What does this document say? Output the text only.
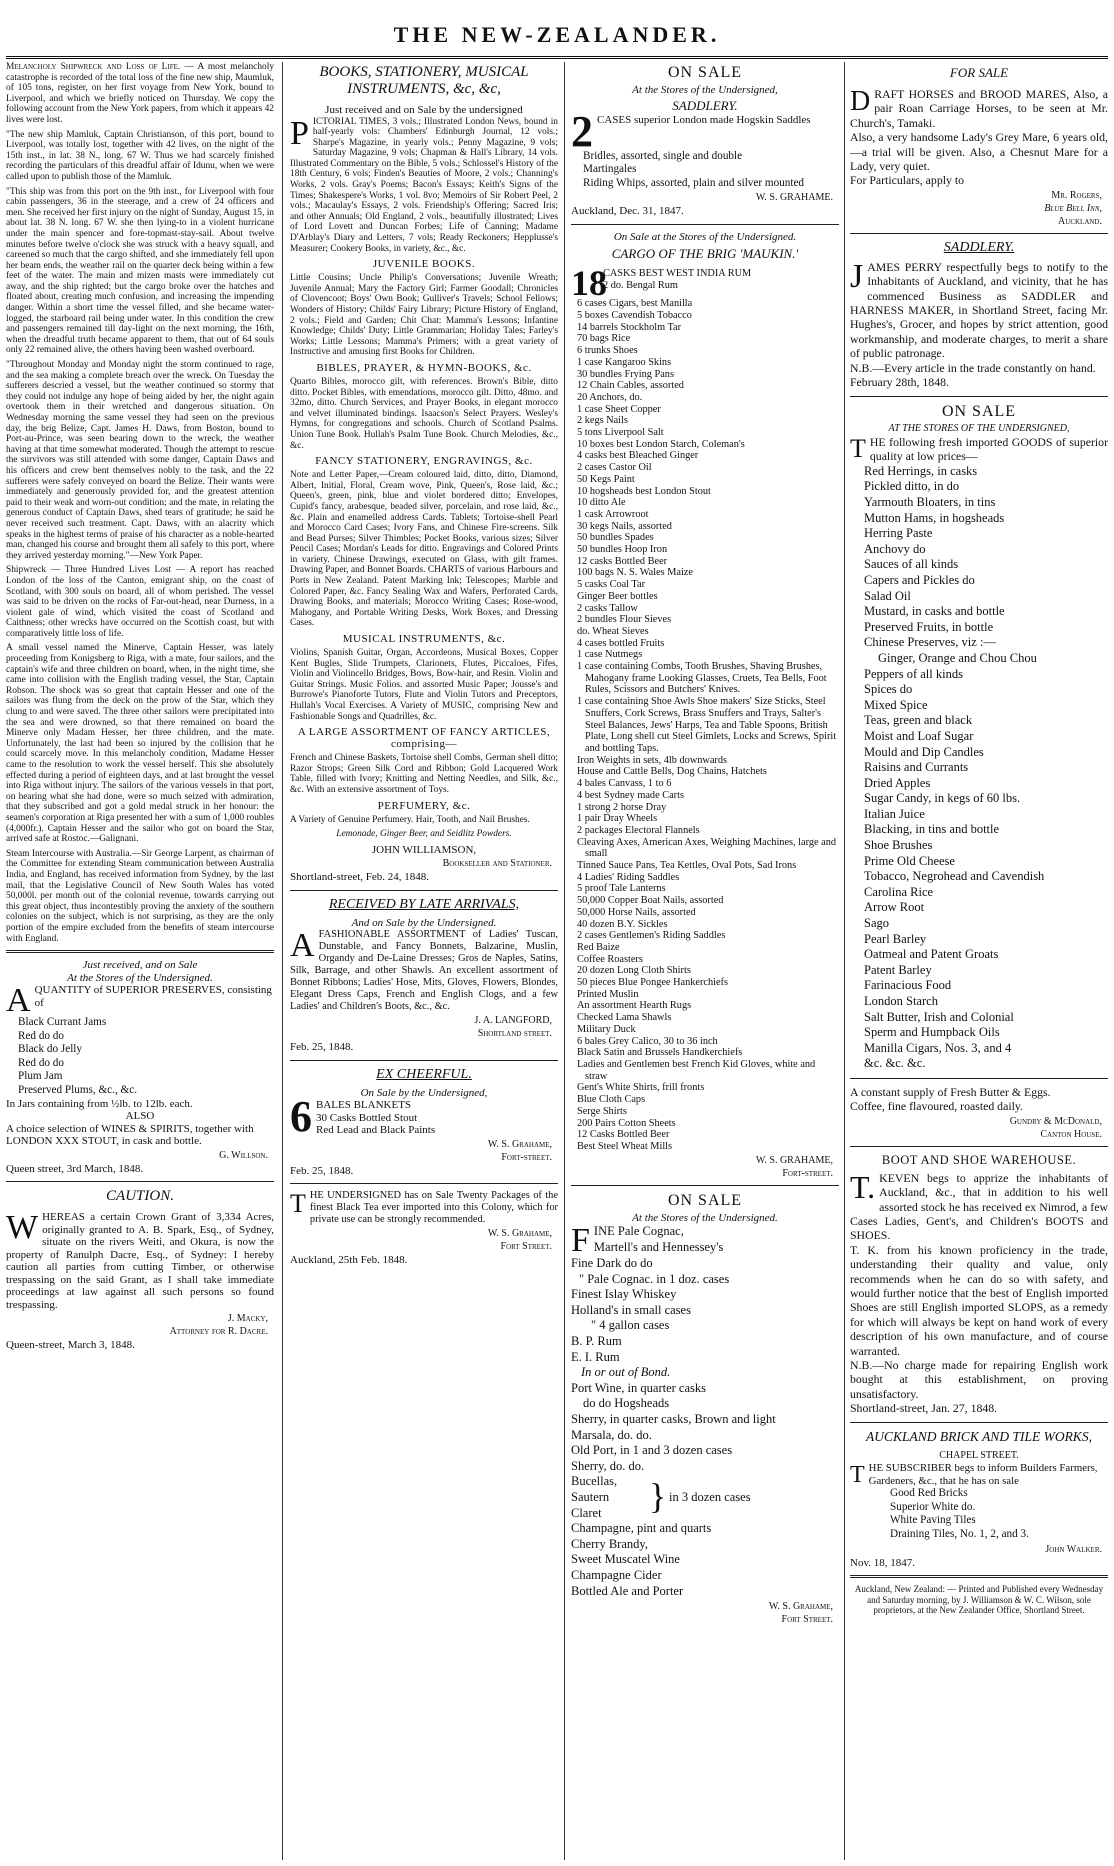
THE NEW-ZEALANDER.

Melancholy Shipwreck and Loss of Life. — A most melancholy catastrophe is recorded of the total loss of the fine new ship, Maumluk, of 105 tons, register, on her first voyage from New York, bound to Liverpool, and which we briefly noticed on Thursday. We copy the following account from the New York papers, from which it appears 42 lives were lost.

"The new ship Mamluk, Captain Christianson, of this port, bound to Liverpool, was totally lost, together with 42 lives, on the night of the 15th inst., in lat. 38 N., long. 67 W. Thus we had scarcely finished recording the particulars of this dreadful affair of Idunu, when we were called upon to publish those of the Mamluk.

"This ship was from this port on the 9th inst., for Liverpool with four cabin passengers, 36 in the steerage, and a crew of 24 officers and men. She received her first injury on the night of Sunday, August 15, in about lat. 38 N. long. 67 W. she then lying-to in a violent hurricane under the main spencer and fore-topmast-stay-sail. About twelve minutes before twelve o'clock she was struck with a heavy squall, and careened so much that the cargo shifted, and she immediately fell upon her beam ends, the weather rail on the quarter deck being within a few feet of the water. The main and mizen masts were immediately cut away, and the ship righted; but the cargo broke over the hatches and floated about, creating much confusion, and increasing the impending danger. Within a short time the vessel filled, and she became water-logged, the starboard rail being under water. In this condition the crew and passengers remained till day-light on the next morning, the 16th, when the dreadful truth became apparent to them, that out of 64 souls only 22 remained alive, the others having been washed overboard.

"Throughout Monday and Monday night the storm continued to rage, and the sea making a complete breach over the wreck. On Tuesday the sufferers descried a vessel, but the weather continued so stormy that they could not indulge any hope of being aided by her, the night again overtook them in their wretched and dangerous situation. On Wednesday morning the same vessel they had seen on the previous day, the brig Belize, Capt. James H. Daws, from Boston, bound to Port-au-Prince, was seen bearing down to the wreck, the weather having at that time somewhat moderated. Though the attempt to rescue the survivors was still attended with some danger, Captain Daws and his officers and crew bent themselves nobly to the task, and the 22 sufferers were safely conveyed on board the Belize. Their wants were immediately and generously provided for, and the greatest attention paid to their weak and worn-out condition; and the mate, in relating the generous conduct of Captain Daws, shed tears of gratitude; he said he never received such treatment. Capt. Daws, with an alacrity which speaks in the highest terms of praise of his character as a noble-hearted man, changed his course and brought them all safely to this port, where they arrived yesterday morning."—New York Paper.

Shipwreck — Three Hundred Lives Lost — A report has reached London of the loss of the Canton, emigrant ship, on the coast of Scotland, with 300 souls on board, all of whom perished. The vessel was said to be driven on the rocks of Far-out-head, near Durness, in a violent gale of wind, which visited the coast of Scotland and Caithness; other wrecks have occurred on the Scottish coast, but with comparatively little loss of life.

A small vessel named the Minerve, Captain Hesser, was lately proceeding from Konigsberg to Riga, with a mate, four sailors, and the captain's wife and three children on board, when, in the night time, she came into collision with the English trading vessel, the Star, Captain Robson. The shock was so great that captain Hesser and one of the sailors was flung from the deck on the prow of the Star, which they clung to and were saved. The three other sailors were precipitated into the sea and were drowned, so that there remained on board the Minerve only Madam Hesser, her three children, and the mate. Unfortunately, the last had been so injured by the collision that he could scarcely move. In this melancholy condition, Madame Hesser came to the resolution to work the vessel herself. This she absolutely effected during a period of eighteen days, and at last brought the vessel into Riga without injury. The sailors of the various vessels in that port, on hearing what she had done, were so much seized with admiration, that they subscribed and got a gold medal struck in her honour: the seamen's corporation at Riga presented her with a sum of 1,000 roubles (4,000fr.). Captain Hesser and the sailor who got on board the Star, arrived safe at Rostoc.—Galignani.

Steam Intercourse with Australia.—Sir George Larpent, as chairman of the Committee for extending Steam communication between Australia India, and England, has received information from Sydney, by the last mail, that the Legislative Council of New South Wales has voted 50,000l. per month out of the colonial revenue, towards carrying out this great object, thus incontestibly proving the anxiety of the southern colonies on the subject, which is not surprising, as they are the only portion of the empire excluded from the benefits of steam intercourse with England.

Just received, and on Sale

At the Stores of the Undersigned.

AQUANTITY of SUPERIOR PRESERVES, consisting of

Black Currant Jams

Red do do

Black do Jelly

Red do do

Plum Jam

Preserved Plums, &c., &c.

In Jars containing from ½lb. to 12lb. each.

ALSO

A choice selection of WINES & SPIRITS, together with LONDON XXX STOUT, in cask and bottle.

G. Willson.

Queen street, 3rd March, 1848.

CAUTION.

WHEREAS a certain Crown Grant of 3,334 Acres, originally granted to A. B. Spark, Esq., of Sydney, situate on the rivers Weiti, and Okura, is now the property of Ranulph Dacre, Esq., of Sydney: I hereby caution all parties from cutting Timber, or otherwise trespassing on the said Grant, as I shall take immediate proceedings at law against all such persons so found trespassing.

J. Macky,

Attorney for R. Dacre.

Queen-street, March 3, 1848.

BOOKS, STATIONERY, MUSICAL INSTRUMENTS, &c, &c,

Just received and on Sale by the undersigned

PICTORIAL TIMES, 3 vols.; Illustrated London News, bound in half-yearly vols: Chambers' Edinburgh Journal, 12 vols.; Sharpe's Magazine, in yearly vols.; Penny Magazine, 9 vols; Saturday Magazine, 9 vols; Chapman & Hall's Library, 14 vols. Illustrated Commentary on the Bible, 5 vols.; Schlossel's History of the 18th Century, 6 vols; Finden's Beauties of Moore, 2 vols.; Channing's Works, 2 vols. Gray's Poems; Bacon's Essays; Keith's Signs of the Times; Shakespere's Works, 1 vol. 8vo; Memoirs of Sir Robert Peel, 2 vols.; Macaulay's Essays, 2 vols. Friendship's Offering; Sacred Iris; and other Annuals; Old England, 2 vols., beautifully illustrated; Lives of Lord Lovett and Duncan Forbes; Life of Canning; Madame D'Arblay's Diary and Letters, 7 vols; Ready Reckoners; Hepplusse's Measurer; Cookery Books, in variety, &c., &c.

JUVENILE BOOKS.

Little Cousins; Uncle Philip's Conversations; Juvenile Wreath; Juvenile Annual; Mary the Factory Girl; Farmer Goodall; Chronicles of Clovencoot; Boys' Own Book; Gulliver's Travels; School Fellows; Wonders of History; Childs' Fairy Library; Picture History of England, 2 vols.; Field and Garden; Chit Chat: Mamma's Lessons; Infantine Knowledge; Childs' Duty; Little Grammarian; Holiday Tales; Farley's Works; Little Lessons; Mamma's Primers; with a great variety of Instructive and amusing first Books for Children.

BIBLES, PRAYER, & HYMN-BOOKS, &c.

Quarto Bibles, morocco gilt, with references. Brown's Bible, ditto ditto. Pocket Bibles, with emendations, morocco gilt. Ditto, 48mo. and 32mo, ditto. Church Services, and Prayer Books, in elegant morocco and velvet illuminated bindings. Isaacson's Select Prayers. Wesley's Hymns, for congregations and schools. Church of Scotland Psalms. Union Tune Book. Hullah's Psalm Tune Book. Church Melodies, &c., &c.

FANCY STATIONERY, ENGRAVINGS, &c.

Note and Letter Paper,—Cream coloured laid, ditto, ditto, Diamond, Albert, Initial, Floral, Cream wove, Pink, Queen's, Rose laid, &c.; Queen's, green, pink, blue and violet bordered ditto; Envelopes, Cupid's fancy, arabesque, beaded silver, porcelain, and rose laid, &c., &c. Plain and enamelled address Cards. Tablets; Tortoise-shell Pearl and Morocco Card Cases; Ivory Fans, and Chinese Fire-screens. Silk and Bead Purses; Silver Thimbles; Pocket Books, various sizes; Silver Pencil Cases; Mordan's Leads for ditto. Engravings and Colored Prints in variety. Chinese Drawings, executed on Glass, with gilt frames. Drawing Paper, and Bonnet Boards. CHARTS of various Harbours and Ports in New Zealand. Patent Marking Ink; Telescopes; Marble and Colored Paper, &c. Fancy Sealing Wax and Wafers, Perforated Cards, Drawing Books, and materials; Morocco Writing Cases; Rose-wood, Mahogany, and Portable Writing Desks, Work Boxes, and Dressing Cases.

MUSICAL INSTRUMENTS, &c.

Violins, Spanish Guitar, Organ, Accordeons, Musical Boxes, Copper Kent Bugles, Slide Trumpets, Clarionets, Flutes, Piccaloes, Fifes, Violin and Violincello Bridges, Bows, Bow-hair, and Resin. Violin and Guitar Strings. Music Folios. and assorted Music Paper; Jousse's and Burrowe's Pianoforte Tutors, Flute and Violin Tutors and Preceptors, Hullah's Vocal Exercises. A Variety of MUSIC, comprising New and Fashionable Songs and Quadrilles, &c.

A LARGE ASSORTMENT OF FANCY ARTICLES, comprising—

French and Chinese Baskets, Tortoise shell Combs, German shell ditto; Razor Strops; Green Silk Cord and Ribbon; Gold Lacquered Work Table, filled with Ivory; Knitting and Netting Needles, and Silk, &c., &c. With an extensive assortment of Toys.

PERFUMERY, &c.

A Variety of Genuine Perfumery. Hair, Tooth, and Nail Brushes.

Lemonade, Ginger Beer, and Seidlitz Powders.

JOHN WILLIAMSON,

Bookseller and Stationer.

Shortland-street, Feb. 24, 1848.

RECEIVED BY LATE ARRIVALS,

And on Sale by the Undersigned.

AFASHIONABLE ASSORTMENT of Ladies' Tuscan, Dunstable, and Fancy Bonnets, Balzarine, Muslin, Organdy and De-Laine Dresses; Gros de Naples, Satins, Silk, Barrage, and other Shawls. An excellent assortment of Bonnet Ribbons; Ladies' Hose, Mits, Gloves, Flowers, Blondes, Elegant Dress Caps, French and English Clogs, and a few Ladies' and Children's Boots, &c., &c.

J. A. LANGFORD,

Shortland street.

Feb. 25, 1848.

EX CHEERFUL.

On Sale by the Undersigned,

6 BALES BLANKETS

30 Casks Bottled Stout

Red Lead and Black Paints

W. S. Grahame,

Fort-street.

Feb. 25, 1848.

THE UNDERSIGNED has on Sale Twenty Packages of the finest Black Tea ever imported into this Colony, which for private use can be strongly recommended.

W. S. Grahame,

Fort Street.

Auckland, 25th Feb. 1848.

ON SALE

At the Stores of the Undersigned,

SADDLERY.

2 CASES superior London made Hogskin Saddles

Bridles, assorted, single and double

Martingales

Riding Whips, assorted, plain and silver mounted

W. S. GRAHAME.

Auckland, Dec. 31, 1847.

On Sale at the Stores of the Undersigned.

CARGO OF THE BRIG 'MAUKIN.'

18

CASKS BEST WEST INDIA RUM

2 do. Bengal Rum

6 cases Cigars, best Manilla

5 boxes Cavendish Tobacco

14 barrels Stockholm Tar

70 bags Rice

6 trunks Shoes

1 case Kangaroo Skins

30 bundles Frying Pans

12 Chain Cables, assorted

20 Anchors, do.

1 case Sheet Copper

2 kegs Nails

5 tons Liverpool Salt

10 boxes best London Starch, Coleman's

4 casks best Bleached Ginger

2 cases Castor Oil

50 Kegs Paint

10 hogsheads best London Stout

10 ditto Ale

1 cask Arrowroot

30 kegs Nails, assorted

50 bundles Spades

50 bundles Hoop Iron

12 casks Bottled Beer

100 bags N. S. Wales Maize

5 casks Coal Tar

Ginger Beer bottles

2 casks Tallow

2 bundles Flour Sieves

do. Wheat Sieves

4 cases bottled Fruits

1 case Nutmegs

1 case containing Combs, Tooth Brushes, Shaving Brushes, Mahogany frame Looking Glasses, Cruets, Tea Bells, Foot Rules, Scissors and Butchers' Knives.

1 case containing Shoe Awls Shoe makers' Size Sticks, Steel Snuffers, Cork Screws, Brass Snuffers and Trays, Salter's Steel Balances, Jews' Harps, Tea and Table Spoons, British Plate, Long shell cut Steel Gimlets, Locks and Screws, Spirit and bottling Taps.

Iron Weights in sets, 4lb downwards

House and Cattle Bells, Dog Chains, Hatchets

4 bales Canvass, 1 to 6

4 best Sydney made Carts

1 strong 2 horse Dray

1 pair Dray Wheels

2 packages Electoral Flannels

Cleaving Axes, American Axes, Weighing Machines, large and small

Tinned Sauce Pans, Tea Kettles, Oval Pots, Sad Irons

4 Ladies' Riding Saddles

5 proof Tale Lanterns

50,000 Copper Boat Nails, assorted

50,000 Horse Nails, assorted

40 dozen B.Y. Sickles

2 cases Gentlemen's Riding Saddles

Red Baize

Coffee Roasters

20 dozen Long Cloth Shirts

50 pieces Blue Pongee Hankerchiefs

Printed Muslin

An assortment Hearth Rugs

Checked Lama Shawls

Military Duck

6 bales Grey Calico, 30 to 36 inch

Black Satin and Brussels Handkerchiefs

Ladies and Gentlemen best French Kid Gloves, white and straw

Gent's White Shirts, frill fronts

Blue Cloth Caps

Serge Shirts

200 Pairs Cotton Sheets

12 Casks Bottled Beer

Best Steel Wheat Mills

W. S. GRAHAME,

Fort-street.

ON SALE

At the Stores of the Undersigned.

F INE Pale Cognac,

Martell's and Hennessey's

Fine Dark do do

" Pale Cognac. in 1 doz. cases

Finest Islay Whiskey

Holland's in small cases

" 4 gallon cases

B. P. Rum

E. I. Rum

In or out of Bond.

Port Wine, in quarter casks

do do Hogsheads

Sherry, in quarter casks, Brown and light

Marsala, do. do.

Old Port, in 1 and 3 dozen cases

Sherry, do. do.

Bucellas,

Sautern

Claret	} in 3 dozen cases

Champagne, pint and quarts

Cherry Brandy,

Sweet Muscatel Wine

Champagne Cider

Bottled Ale and Porter

W. S. Grahame,

Fort Street.

FOR SALE

DRAFT HORSES and BROOD MARES, Also, a pair Roan Carriage Horses, to be seen at Mr. Church's, Tamaki.

Also, a very handsome Lady's Grey Mare, 6 years old,—a trial will be given. Also, a Chesnut Mare for a Lady, very quiet.

For Particulars, apply to

Mr. Rogers,

Blue Bell Inn,

Auckland.

SADDLERY.

JAMES PERRY respectfully begs to notify to the Inhabitants of Auckland, and vicinity, that he has commenced Business as SADDLER and HARNESS MAKER, in Shortland Street, facing Mr. Hughes's, Grocer, and hopes by strict attention, good workmanship, and moderate charges, to merit a share of public patronage.

N.B.—Every article in the trade constantly on hand.

February 28th, 1848.

ON SALE

AT THE STORES OF THE UNDERSIGNED,

THE following fresh imported GOODS of superior quality at low prices—

Red Herrings, in casks

Pickled ditto, in do

Yarmouth Bloaters, in tins

Mutton Hams, in hogsheads

Herring Paste

Anchovy do

Sauces of all kinds

Capers and Pickles do

Salad Oil

Mustard, in casks and bottle

Preserved Fruits, in bottle

Chinese Preserves, viz :—

Ginger, Orange and Chou Chou

Peppers of all kinds

Spices do

Mixed Spice

Teas, green and black

Moist and Loaf Sugar

Mould and Dip Candles

Raisins and Currants

Dried Apples

Sugar Candy, in kegs of 60 lbs.

Italian Juice

Blacking, in tins and bottle

Shoe Brushes

Prime Old Cheese

Tobacco, Negrohead and Cavendish

Carolina Rice

Arrow Root

Sago

Pearl Barley

Oatmeal and Patent Groats

Patent Barley

Farinacious Food

London Starch

Salt Butter, Irish and Colonial

Sperm and Humpback Oils

Manilla Cigars, Nos. 3, and 4

&c. &c. &c.

A constant supply of Fresh Butter & Eggs.

Coffee, fine flavoured, roasted daily.

Gundry & McDonald,

Canton House.

BOOT AND SHOE WAREHOUSE.

T. KEVEN begs to apprize the inhabitants of Auckland, &c., that in addition to his well assorted stock he has received ex Nimrod, a few Cases Ladies, Gent's, and Children's BOOTS and SHOES.

T. K. from his known proficiency in the trade, understanding their quality and value, only recommends when he can do so with safety, and would further notice that the best of English imported Shoes are still English imported SLOPS, as a remedy for which will always be kept on hand work of every description of his own manufacture, and of course warranted.

N.B.—No charge made for repairing English work bought at this establishment, on proving unsatisfactory.

Shortland-street, Jan. 27, 1848.

AUCKLAND BRICK AND TILE WORKS,

CHAPEL STREET.

THE SUBSCRIBER begs to inform Builders Farmers, Gardeners, &c., that he has on sale

Good Red Bricks

Superior White do.

White Paving Tiles

Draining Tiles, No. 1, 2, and 3.

John Walker.

Nov. 18, 1847.

Auckland, New Zealand: — Printed and Published every Wednesday and Saturday morning, by J. Williamson & W. C. Wilson, sole proprietors, at the New Zealander Office, Shortland Street.
